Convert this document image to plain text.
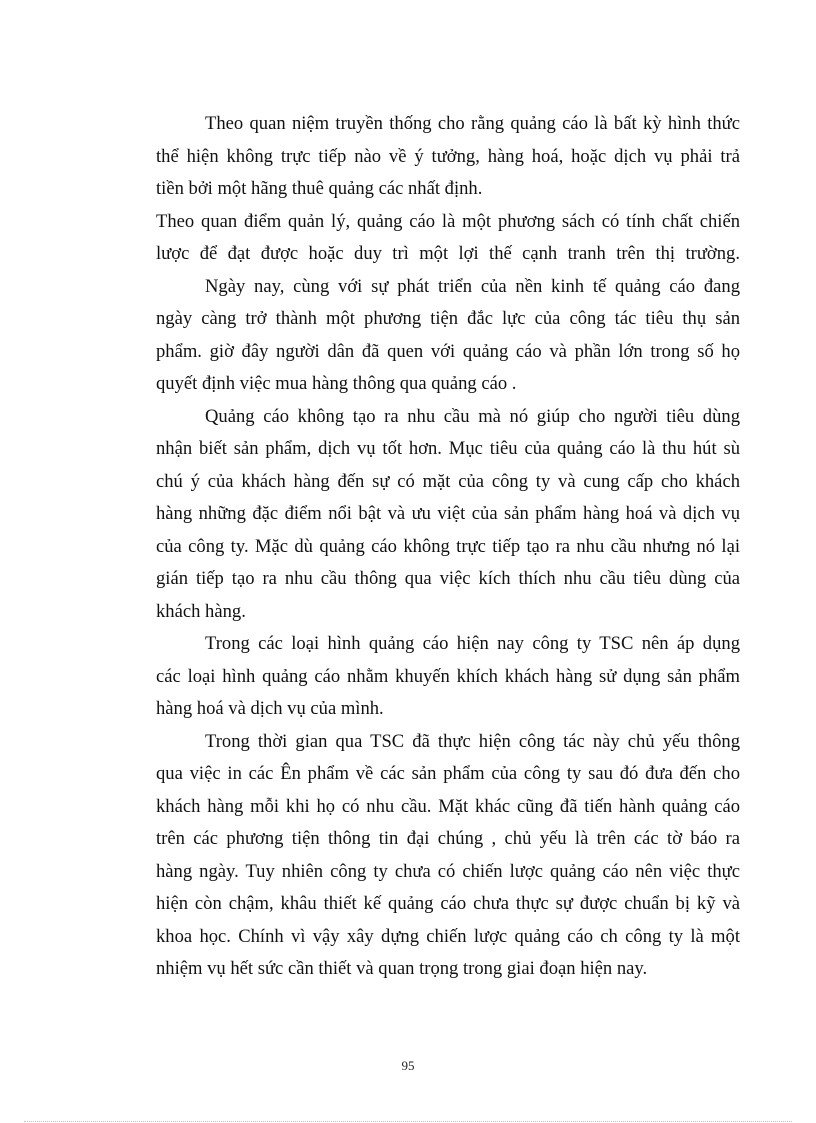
Theo quan niệm truyền thống cho rằng quảng cáo là bất kỳ hình thức
thể hiện không trực tiếp nào về ý tưởng, hàng hoá, hoặc dịch vụ phải trả
tiền bởi một hãng thuê quảng các nhất định.
Theo quan điểm quản lý, quảng cáo là một phương sách có tính chất chiến
lược để đạt được hoặc duy trì một lợi thế cạnh tranh trên thị trường.
Ngày nay, cùng với sự phát triển của nền kinh tế quảng cáo đang
ngày càng trở thành một phương tiện đắc lực của công tác tiêu thụ sản
phẩm. giờ đây người dân đã quen với quảng cáo và phần lớn trong số họ
quyết định việc mua hàng thông qua quảng cáo .
Quảng cáo không tạo ra nhu cầu mà nó giúp cho người tiêu dùng
nhận biết sản phẩm, dịch vụ tốt hơn. Mục tiêu của quảng cáo là thu hút sù
chú ý của khách hàng đến sự có mặt của công ty và cung cấp cho khách
hàng những đặc điểm nổi bật và ưu việt của sản phẩm hàng hoá và dịch vụ
của công ty. Mặc dù quảng cáo không trực tiếp tạo ra nhu cầu nhưng nó lại
gián tiếp tạo ra nhu cầu thông qua việc kích thích nhu cầu tiêu dùng của
khách hàng.
Trong các loại hình quảng cáo hiện nay công ty TSC nên áp dụng
các loại hình quảng cáo nhằm khuyến khích khách hàng sử dụng sản phẩm
hàng hoá và dịch vụ của mình.
Trong thời gian qua TSC đã thực hiện công tác này chủ yếu thông
qua việc in các Ên phẩm về các sản phẩm của công ty sau đó đưa đến cho
khách hàng mỗi khi họ có nhu cầu. Mặt khác cũng đã tiến hành quảng cáo
trên các phương tiện thông tin đại chúng , chủ yếu là trên các tờ báo ra
hàng ngày. Tuy nhiên công ty chưa có chiến lược quảng cáo nên việc thực
hiện còn chậm, khâu thiết kế quảng cáo chưa thực sự được chuẩn bị kỹ và
khoa học. Chính vì vậy xây dựng chiến lược quảng cáo ch công ty là một
nhiệm vụ hết sức cần thiết và quan trọng trong giai đoạn hiện nay.
95
